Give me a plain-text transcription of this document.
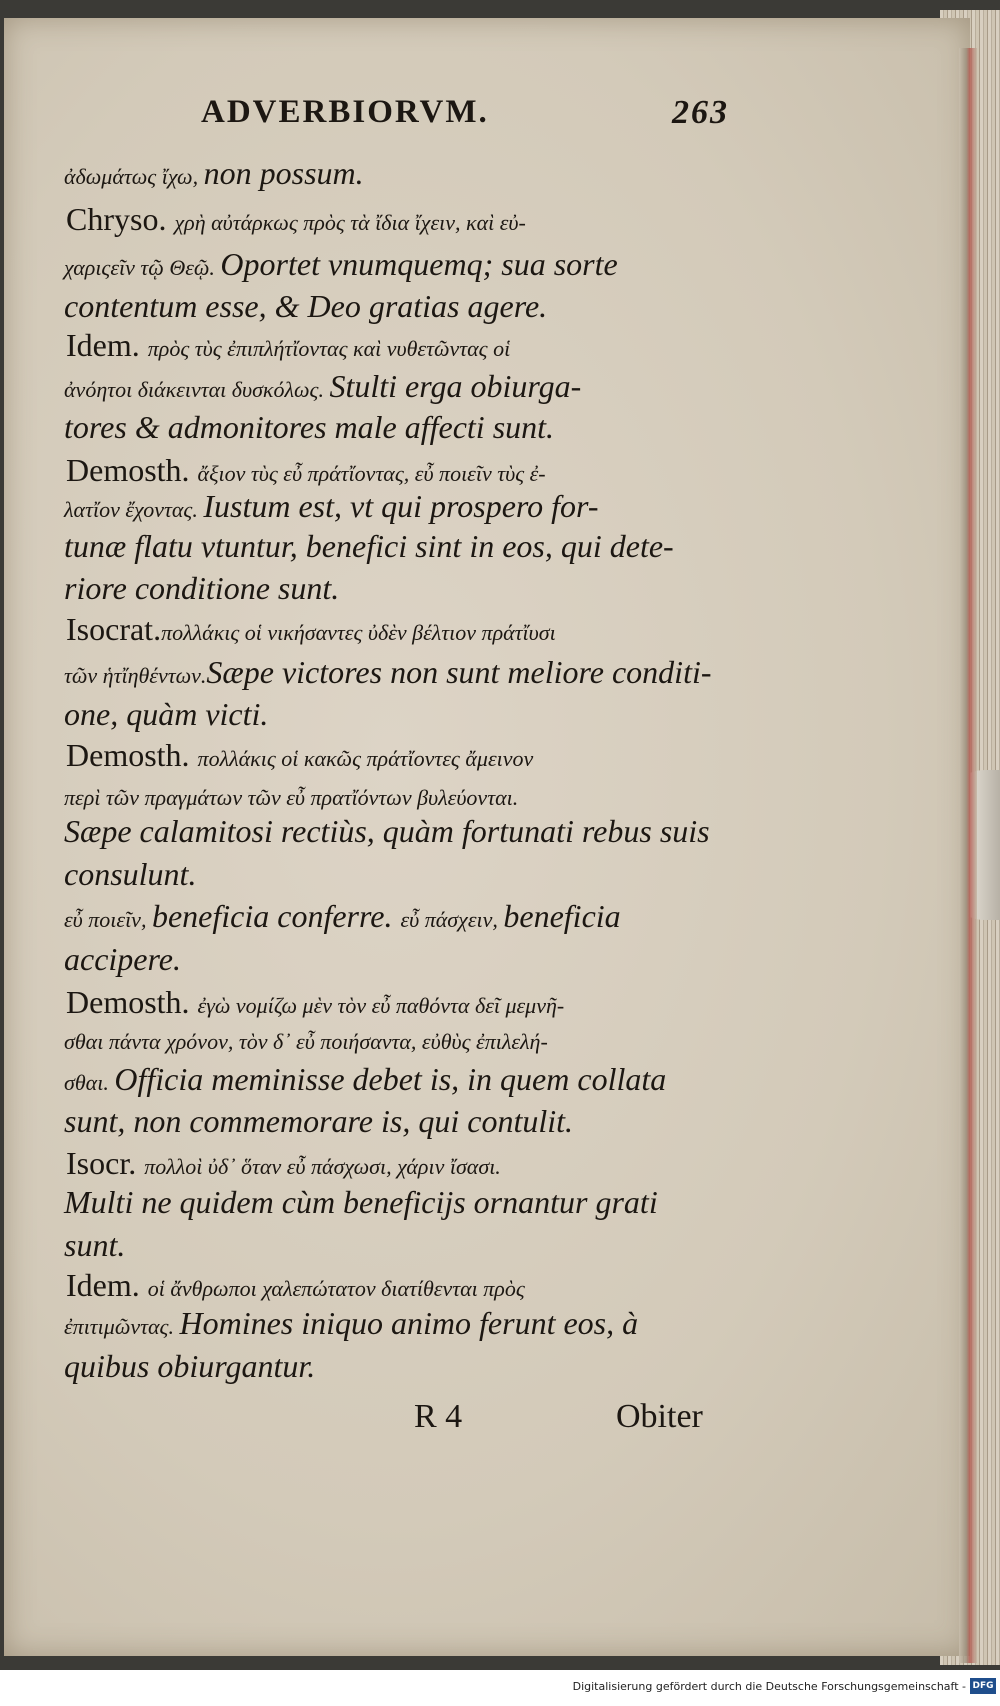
ADVERBIORVM.	263
ἀδωμάτως ἴχω, non possum.
Chryso. χρὴ αὐτάρκως πρὸς τὰ ἴδια ἴχειν, καὶ εὐ-
χαριςεῖν τῷ Θεῷ. Oportet vnumquemq; sua sorte
contentum esse, & Deo gratias agere.
Idem. πρὸς τὺς ἐπιπλήτἴοντας καὶ νυθετῶντας οἱ
ἀνόητοι διάκεινται δυσκόλως. Stulti erga obiurga-
tores & admonitores male affecti sunt.
Demosth. ἄξιον τὺς εὖ πράτἴοντας, εὖ ποιεῖν τὺς ἐ-
λατἴον ἔχοντας. Iustum est, vt qui prospero for-
tunæ flatu vtuntur, benefici sint in eos, qui dete-
riore conditione sunt.
Isocrat.πολλάκις οἱ νικήσαντες ὐδὲν βέλτιον πράτἴυσι
τῶν ἡτἴηθέντων.Sæpe victores non sunt meliore conditi-
one, quàm victi.
Demosth. πολλάκις οἱ κακῶς πράτἴοντες ἄμεινον
περὶ τῶν πραγμάτων τῶν εὖ πρατἴόντων βυλεύονται.
Sæpe calamitosi rectiùs, quàm fortunati rebus suis
consulunt.
εὖ ποιεῖν, beneficia conferre. εὖ πάσχειν, beneficia
accipere.
Demosth. ἐγὼ νομίζω μὲν τὸν εὖ παθόντα δεῖ μεμνῆ-
σθαι πάντα χρόνον, τὸν δ᾽ εὖ ποιήσαντα, εὐθὺς ἐπιλελή-
σθαι. Officia meminisse debet is, in quem collata
sunt, non commemorare is, qui contulit.
Isocr. πολλοὶ ὐδ᾽ ὅταν εὖ πάσχωσι, χάριν ἴσασι.
Multi ne quidem cùm beneficijs ornantur grati
sunt.
Idem. οἱ ἄνθρωποι χαλεπώτατον διατίθενται πρὸς
ἐπιτιμῶντας. Homines iniquo animo ferunt eos, à
quibus obiurgantur.
R 4	Obiter
Digitalisierung gefördert durch die Deutsche Forschungsgemeinschaft - DFG
